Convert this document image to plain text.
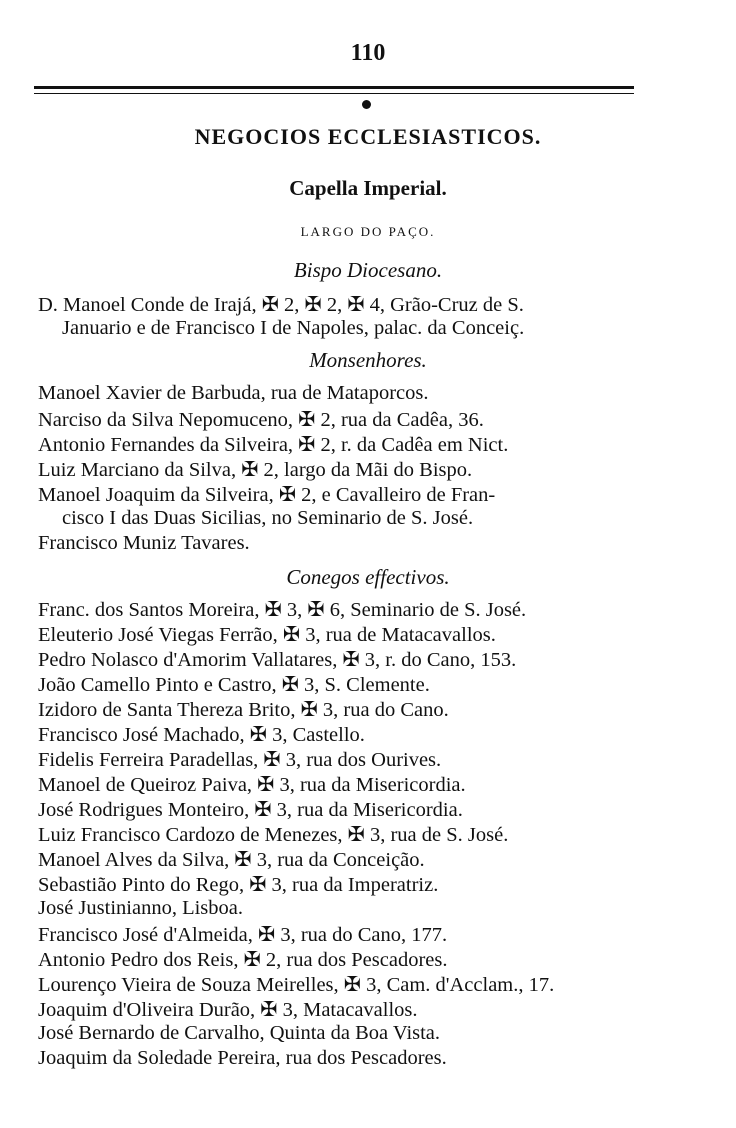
110
NEGOCIOS ECCLESIASTICOS.
Capella Imperial.
LARGO DO PAÇO.
Bispo Diocesano.
D. Manoel Conde de Irajá, ✠ 2, ✠ 2, ✠ 4, Grão-Cruz de S.
Januario e de Francisco I de Napoles, palac. da Conceiç.
Monsenhores.
Manoel Xavier de Barbuda, rua de Mataporcos.
Narciso da Silva Nepomuceno, ✠ 2, rua da Cadêa, 36.
Antonio Fernandes da Silveira, ✠ 2, r. da Cadêa em Nict.
Luiz Marciano da Silva, ✠ 2, largo da Mãi do Bispo.
Manoel Joaquim da Silveira, ✠ 2, e Cavalleiro de Fran-
cisco I das Duas Sicilias, no Seminario de S. José.
Francisco Muniz Tavares.
Conegos effectivos.
Franc. dos Santos Moreira, ✠ 3, ✠ 6, Seminario de S. José.
Eleuterio José Viegas Ferrão, ✠ 3, rua de Matacavallos.
Pedro Nolasco d'Amorim Vallatares, ✠ 3, r. do Cano, 153.
João Camello Pinto e Castro, ✠ 3, S. Clemente.
Izidoro de Santa Thereza Brito, ✠ 3, rua do Cano.
Francisco José Machado, ✠ 3, Castello.
Fidelis Ferreira Paradellas, ✠ 3, rua dos Ourives.
Manoel de Queiroz Paiva, ✠ 3, rua da Misericordia.
José Rodrigues Monteiro, ✠ 3, rua da Misericordia.
Luiz Francisco Cardozo de Menezes, ✠ 3, rua de S. José.
Manoel Alves da Silva, ✠ 3, rua da Conceição.
Sebastião Pinto do Rego, ✠ 3, rua da Imperatriz.
José Justinianno, Lisboa.
Francisco José d'Almeida, ✠ 3, rua do Cano, 177.
Antonio Pedro dos Reis, ✠ 2, rua dos Pescadores.
Lourenço Vieira de Souza Meirelles, ✠ 3, Cam. d'Acclam., 17.
Joaquim d'Oliveira Durão, ✠ 3, Matacavallos.
José Bernardo de Carvalho, Quinta da Boa Vista.
Joaquim da Soledade Pereira, rua dos Pescadores.
